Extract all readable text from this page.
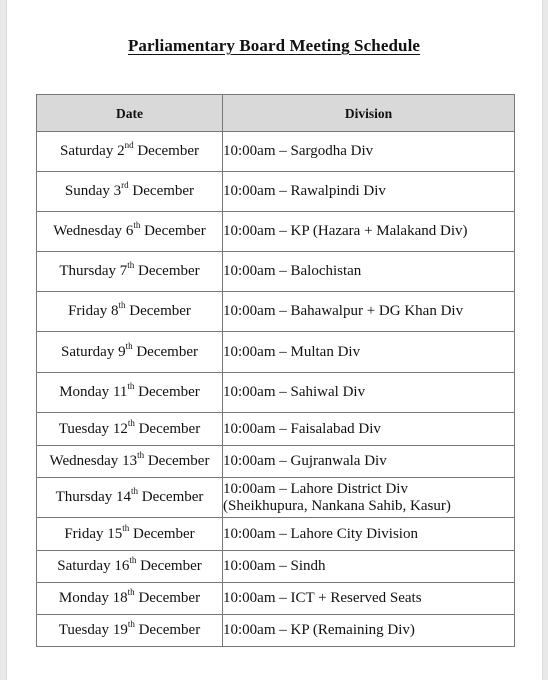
Parliamentary Board Meeting Schedule
Date	Division
Saturday 2nd December	10:00am – Sargodha Div

Sunday 3rd December	10:00am – Rawalpindi Div

Wednesday 6th December	10:00am – KP (Hazara + Malakand Div)

Thursday 7th December	10:00am – Balochistan

Friday 8th December	10:00am – Bahawalpur + DG Khan Div

Saturday 9th December	10:00am – Multan Div

Monday 11th December	10:00am – Sahiwal Div

Tuesday 12th December	10:00am – Faisalabad Div

Wednesday 13th December	10:00am – Gujranwala Div

Thursday 14th December	10:00am – Lahore District Div
(Sheikhupura, Nankana Sahib, Kasur)

Friday 15th December	10:00am – Lahore City Division

Saturday 16th December	10:00am – Sindh

Monday 18th December	10:00am – ICT + Reserved Seats

Tuesday 19th December	10:00am – KP (Remaining Div)
